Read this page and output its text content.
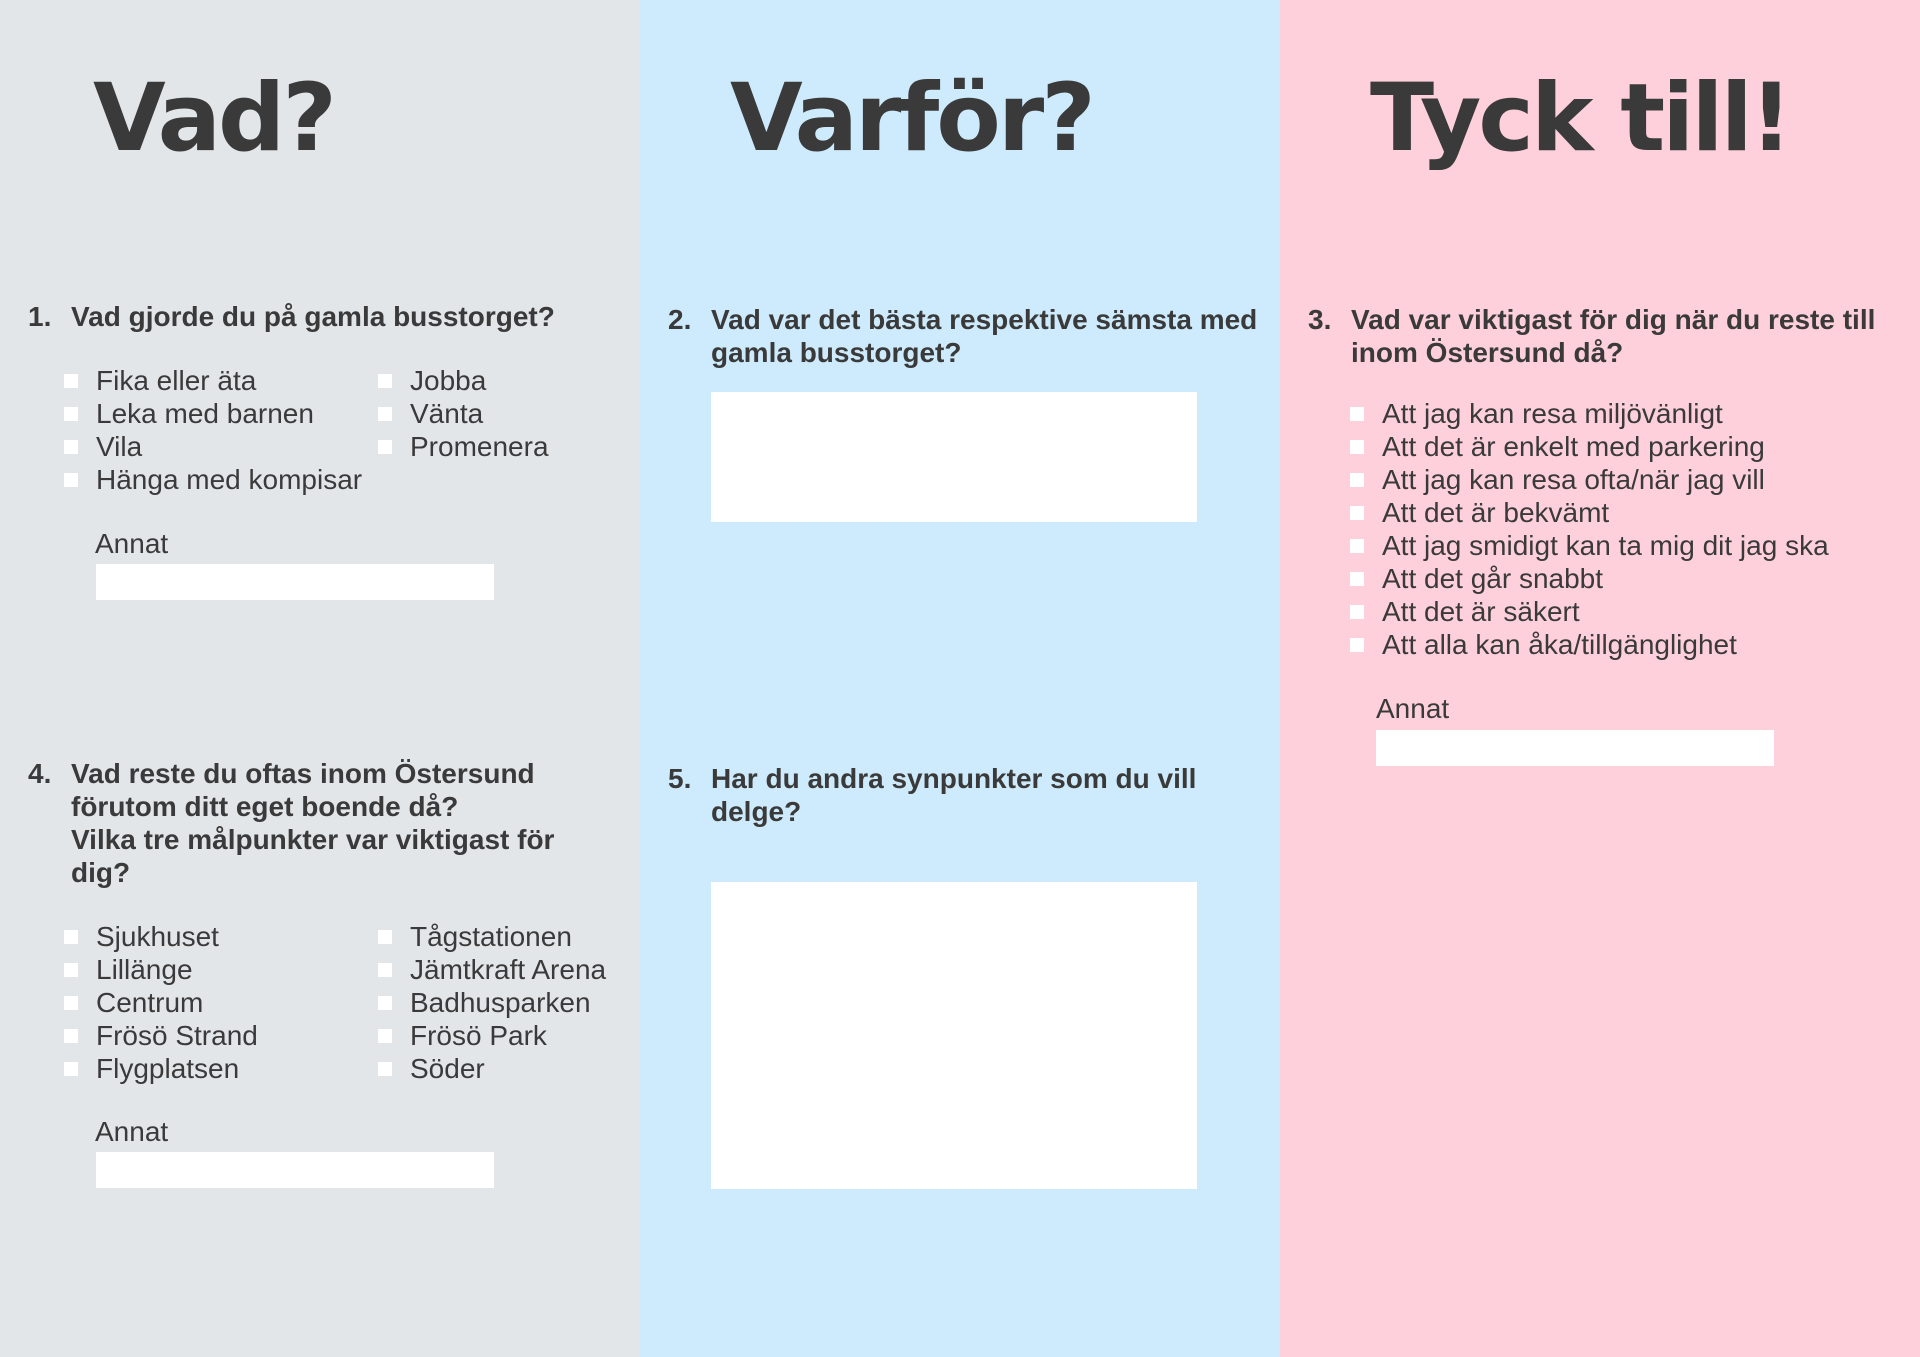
Vad?
1. Vad gjorde du på gamla busstorget?
Fika eller äta
Leka med barnen
Vila
Hänga med kompisar
Jobba
Vänta
Promenera
Annat
4. Vad reste du oftas inom Östersund förutom ditt eget boende då?
Vilka tre målpunkter var viktigast för dig?
Sjukhuset
Lillänge
Centrum
Frösö Strand
Flygplatsen
Tågstationen
Jämtkraft Arena
Badhusparken
Frösö Park
Söder
Annat
Varför?
2. Vad var det bästa respektive sämsta med gamla busstorget?
5. Har du andra synpunkter som du vill delge?
Tyck till!
3. Vad var viktigast för dig när du reste till inom Östersund då?
Att jag kan resa miljövänligt
Att det är enkelt med parkering
Att jag kan resa ofta/när jag vill
Att det är bekvämt
Att jag smidigt kan ta mig dit jag ska
Att det går snabbt
Att det är säkert
Att alla kan åka/tillgänglighet
Annat
